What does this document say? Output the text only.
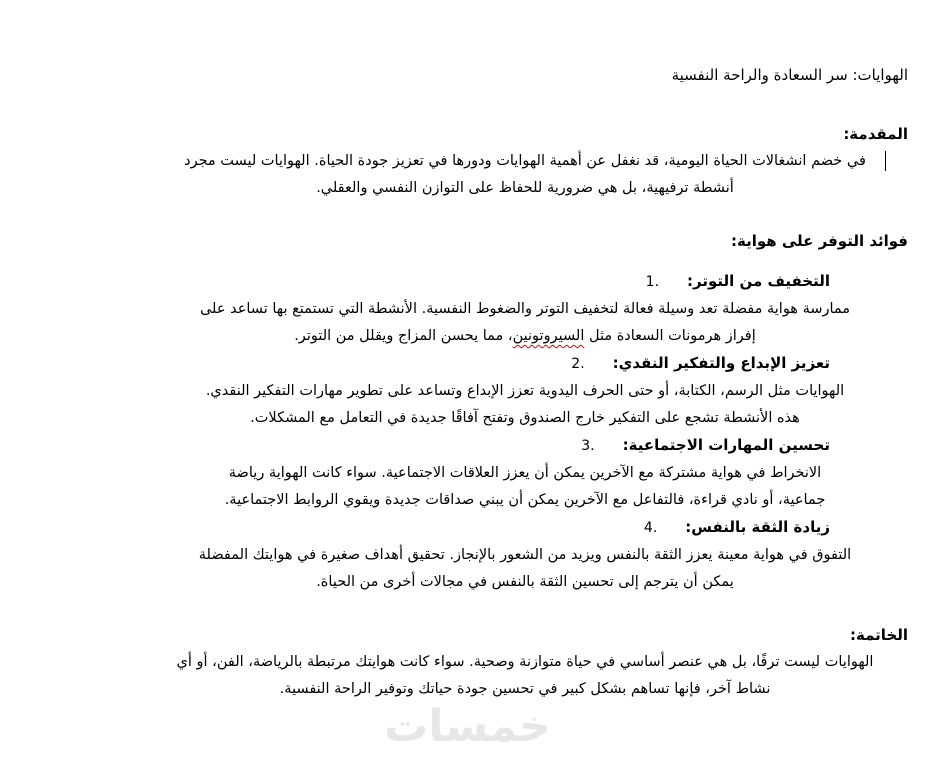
الهوايات: سر السعادة والراحة النفسية
المقدمة:
في خضم انشغالات الحياة اليومية، قد نغفل عن أهمية الهوايات ودورها في تعزيز جودة الحياة. الهوايات ليست مجرد
أنشطة ترفيهية، بل هي ضرورية للحفاظ على التوازن النفسي والعقلي.
فوائد التوفر على هواية:
التخفيف من التوتر:1.
ممارسة هواية مفضلة تعد وسيلة فعالة لتخفيف التوتر والضغوط النفسية. الأنشطة التي تستمتع بها تساعد على
إفراز هرمونات السعادة مثل السيروتونين، مما يحسن المزاج ويقلل من التوتر.
تعزيز الإبداع والتفكير النقدي:2.
الهوايات مثل الرسم، الكتابة، أو حتى الحرف اليدوية تعزز الإبداع وتساعد على تطوير مهارات التفكير النقدي.
هذه الأنشطة تشجع على التفكير خارج الصندوق وتفتح آفاقًا جديدة في التعامل مع المشكلات.
تحسين المهارات الاجتماعية:3.
الانخراط في هواية مشتركة مع الآخرين يمكن أن يعزز العلاقات الاجتماعية. سواء كانت الهواية رياضة
جماعية، أو نادي قراءة، فالتفاعل مع الآخرين يمكن أن يبني صداقات جديدة ويقوي الروابط الاجتماعية.
زيادة الثقة بالنفس:4.
التفوق في هواية معينة يعزز الثقة بالنفس ويزيد من الشعور بالإنجاز. تحقيق أهداف صغيرة في هوايتك المفضلة
يمكن أن يترجم إلى تحسين الثقة بالنفس في مجالات أخرى من الحياة.
الخاتمة:
الهوايات ليست ترفًا، بل هي عنصر أساسي في حياة متوازنة وصحية. سواء كانت هوايتك مرتبطة بالرياضة، الفن، أو أي
نشاط آخر، فإنها تساهم بشكل كبير في تحسين جودة حياتك وتوفير الراحة النفسية.
خمسات
